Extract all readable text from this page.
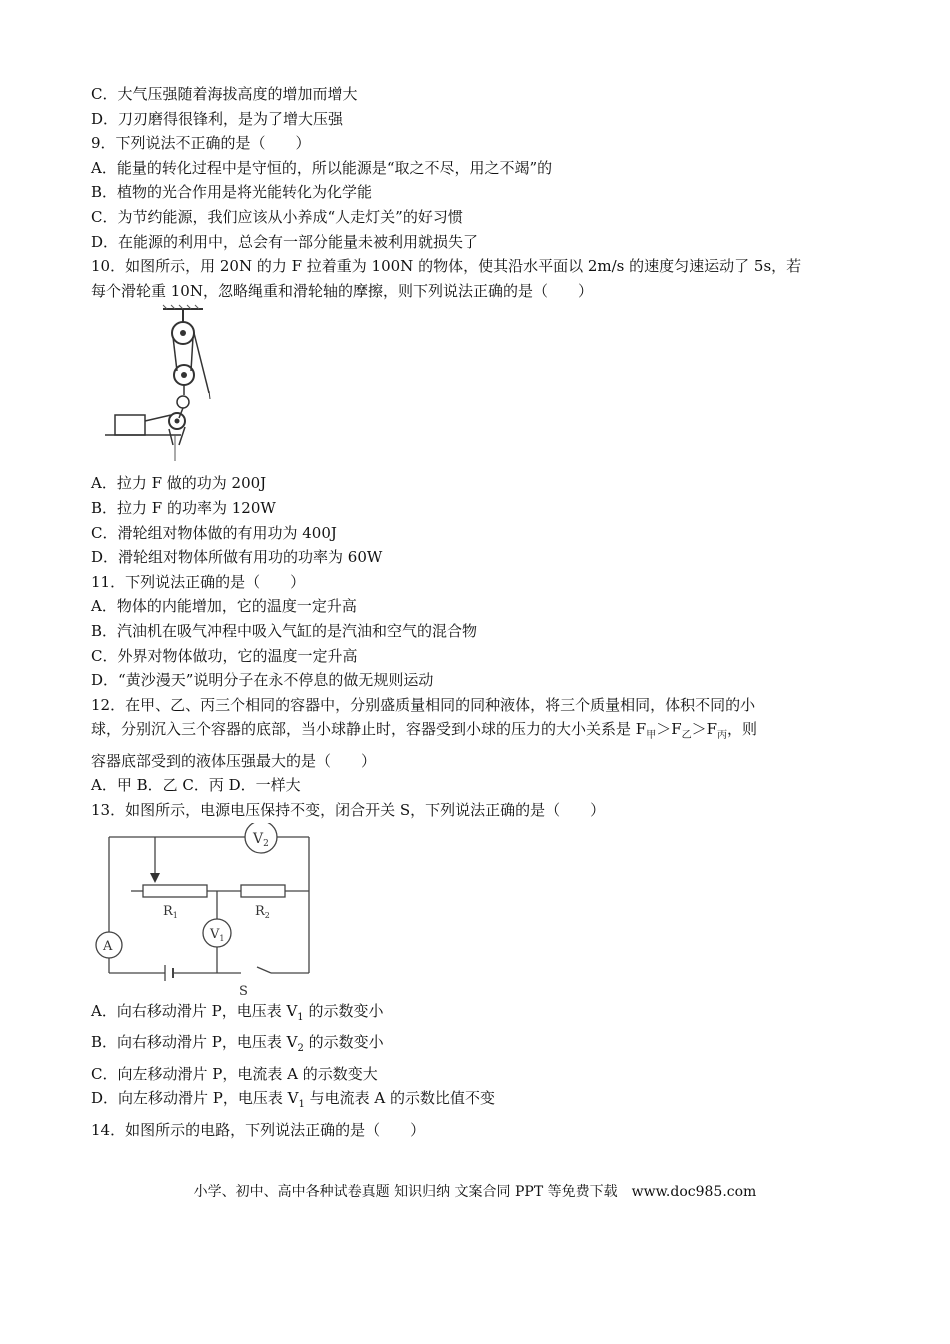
C．大气压强随着海拔高度的增加而增大
D．刀刃磨得很锋利，是为了增大压强
9．下列说法不正确的是（　　）
A．能量的转化过程中是守恒的，所以能源是“取之不尽，用之不竭”的
B．植物的光合作用是将光能转化为化学能
C．为节约能源，我们应该从小养成“人走灯关”的好习惯
D．在能源的利用中，总会有一部分能量未被利用就损失了
10．如图所示，用 20N 的力 F 拉着重为 100N 的物体，使其沿水平面以 2m/s 的速度匀速运动了 5s，若
每个滑轮重 10N，忽略绳重和滑轮轴的摩擦，则下列说法正确的是（　　）
A．拉力 F 做的功为 200J
B．拉力 F 的功率为 120W
C．滑轮组对物体做的有用功为 400J
D．滑轮组对物体所做有用功的功率为 60W
11．下列说法正确的是（　　）
A．物体的内能增加，它的温度一定升高
B．汽油机在吸气冲程中吸入气缸的是汽油和空气的混合物
C．外界对物体做功，它的温度一定升高
D．“黄沙漫天”说明分子在永不停息的做无规则运动
12．在甲、乙、丙三个相同的容器中，分别盛质量相同的同种液体，将三个质量相同，体积不同的小
球，分别沉入三个容器的底部，当小球静止时，容器受到小球的压力的大小关系是 $F_甲>F_乙>F_丙$，则
容器底部受到的液体压强最大的是（　　）
A．甲 B．乙 C．丙 D．一样大
13．如图所示，电源电压保持不变，闭合开关 S，下列说法正确的是（　　）
$V_2$
$V_1$
$R_1$	$R_2$
A
S
A．向右移动滑片 P，电压表 $V_1$ 的示数变小
B．向右移动滑片 P，电压表 $V_2$ 的示数变小
C．向左移动滑片 P，电流表 A 的示数变大
D．向左移动滑片 P，电压表 $V_1$ 与电流表 A 的示数比值不变
14．如图所示的电路，下列说法正确的是（　　）
小学、初中、高中各种试卷真题 知识归纳 文案合同 PPT 等免费下载　www.doc985.com
